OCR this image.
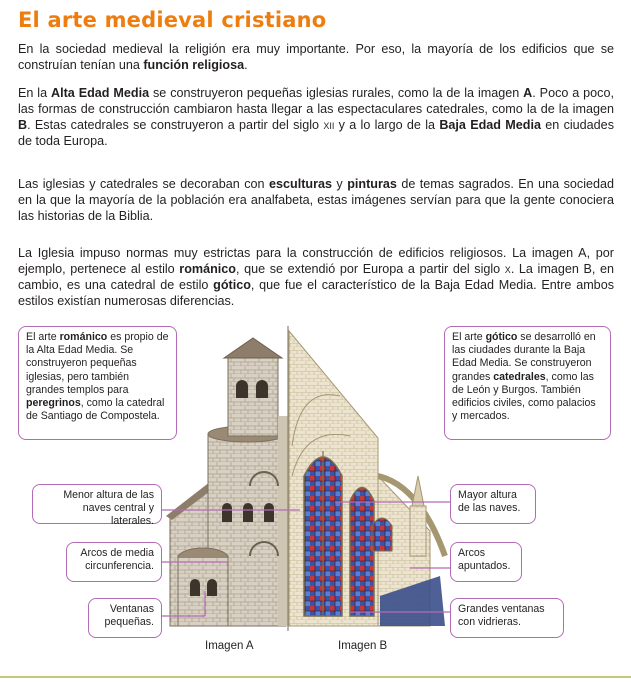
El arte medieval cristiano

En la sociedad medieval la religión era muy importante. Por eso, la mayoría de los edificios que se construían tenían una función religiosa.

En la Alta Edad Media se construyeron pequeñas iglesias rurales, como la de la imagen A. Poco a poco, las formas de construcción cambiaron hasta llegar a las espectaculares catedrales, como la de la imagen B. Estas catedrales se construyeron a partir del siglo xii y a lo largo de la Baja Edad Media en ciudades de toda Europa.

Las iglesias y catedrales se decoraban con esculturas y pinturas de temas sagrados. En una sociedad en la que la mayoría de la población era analfabeta, estas imágenes servían para que la gente conociera las historias de la Biblia.

La Iglesia impuso normas muy estrictas para la construcción de edificios religiosos. La imagen A, por ejemplo, pertenece al estilo románico, que se extendió por Europa a partir del siglo x. La imagen B, en cambio, es una catedral de estilo gótico, que fue el característico de la Baja Edad Media. Entre ambos estilos existían numerosas diferencias.

El arte románico es propio de la Alta Edad Media. Se construyeron pequeñas iglesias, pero también grandes templos para peregrinos, como la catedral de Santiago de Compostela.
El arte gótico se desarrolló en las ciudades durante la Baja Edad Media. Se construyeron grandes catedrales, como las de León y Burgos. También edificios civiles, como palacios y mercados.
Menor altura de las naves central y laterales.
Arcos de media circunferencia.
Ventanas pequeñas.
Mayor altura de las naves.
Arcos apuntados.
Grandes ventanas con vidrieras.
Imagen A	Imagen B
